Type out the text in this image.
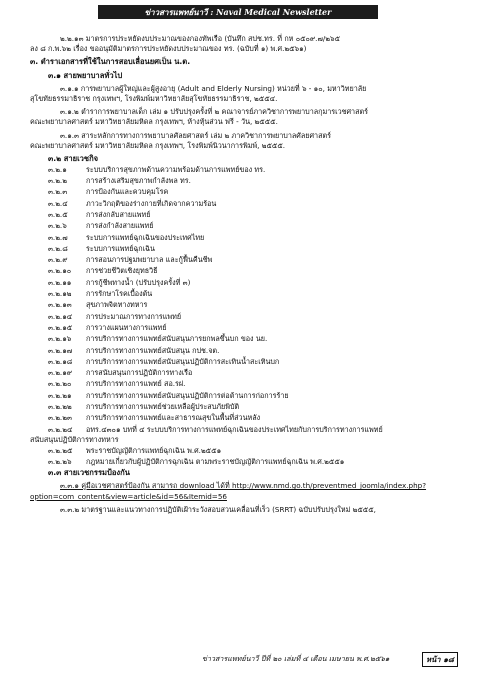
ข่าวสารแพทย์นาวี : Naval Medical Newsletter

๒.๒.๑๓ มาตรการประหยัดงบประมาณของกองทัพเรือ (บันทึก สปช.ทร. ที่ กห ๐๕๐๙.๗/๒๖๕

ลง ๘ ก.พ.๖๒ เรื่อง ขออนุมัติมาตรการประหยัดงบประมาณของ ทร. (ฉบับที่ ๑) พ.ศ.๒๕๖๑)

๓. ตำราเอกสารที่ใช้ในการสอบเลื่อนยศเป็น น.ต.

๓.๑ สายพยาบาลทั่วไป

๓.๑.๑ การพยาบาลผู้ใหญ่และผู้สูงอายุ (Adult and Elderly Nursing) หน่วยที่ ๖ - ๑๐, มหาวิทยาลัย

สุโขทัยธรรมาธิราช กรุงเทพฯ, โรงพิมพ์มหาวิทยาลัยสุโขทัยธรรมาธิราช, ๒๕๕๔.

๓.๑.๒ ตำราการพยาบาลเด็ก เล่ม ๑ ปรับปรุงครั้งที่ ๒ คณาจารย์ภาควิชาการพยาบาลกุมารเวชศาสตร์

คณะพยาบาลศาสตร์ มหาวิทยาลัยมหิดล กรุงเทพฯ, ห้างหุ้นส่วน ฟรี - วัน, ๒๕๕๕.

๓.๑.๓ สาระหลักการทางการพยาบาลศัลยศาสตร์ เล่ม ๒ ภาควิชาการพยาบาลศัลยศาสตร์

คณะพยาบาลศาสตร์ มหาวิทยาลัยมหิดล กรุงเทพฯ, โรงพิมพ์นิวนาการพิมพ์, ๒๕๕๕.

๓.๒ สายเวชกิจ

๓.๒.๑	ระบบบริการสุขภาพด้านความพร้อมด้านการแพทย์ของ ทร.
๓.๒.๒	การสร้างเสริมสุขภาพกำลังพล ทร.
๓.๒.๓	การป้องกันและควบคุมโรค
๓.๒.๔	ภาวะวิกฤติของร่างกายที่เกิดจากความร้อน
๓.๒.๕	การส่งกลับสายแพทย์
๓.๒.๖	การส่งกำลังสายแพทย์
๓.๒.๗	ระบบการแพทย์ฉุกเฉินของประเทศไทย
๓.๒.๘	ระบบการแพทย์ฉุกเฉิน
๓.๒.๙	การสอนการปฐมพยาบาล และกู้ฟื้นคืนชีพ
๓.๒.๑๐	การช่วยชีวิตเชิงยุทธวิธี
๓.๒.๑๑	การกู้ชีพทางน้ำ (ปรับปรุงครั้งที่ ๓)
๓.๒.๑๒	การรักษาโรคเบื้องต้น
๓.๒.๑๓	สุขภาพจิตทางทหาร
๓.๒.๑๔	การประมาณการทางการแพทย์
๓.๒.๑๕	การวางแผนทางการแพทย์
๓.๒.๑๖	การบริการทางการแพทย์สนับสนุนการยกพลขึ้นบก ของ นย.
๓.๒.๑๗	การบริการทางการแพทย์สนับสนุน กปช.จต.
๓.๒.๑๘	การบริการทางการแพทย์สนับสนุนปฏิบัติการสะเทินน้ำสะเทินบก
๓.๒.๑๙	การสนับสนุนการปฏิบัติการทางเรือ
๓.๒.๒๐	การบริการทางการแพทย์ สอ.รฝ.
๓.๒.๒๑	การบริการทางการแพทย์สนับสนุนปฏิบัติการต่อต้านการก่อการร้าย
๓.๒.๒๒	การบริการทางการแพทย์ช่วยเหลือผู้ประสบภัยพิบัติ
๓.๒.๒๓	การบริการทางการแพทย์และสาธารณสุขในพื้นที่ส่วนหลัง
๓.๒.๒๔	อทร.๔๓๐๑ บทที่ ๔ ระบบบริการทางการแพทย์ฉุกเฉินของประเทศไทยกับการบริการทางการแพทย์

สนับสนุนปฏิบัติการทางทหาร

๓.๒.๒๕	พระราชบัญญัติการแพทย์ฉุกเฉิน พ.ศ.๒๕๕๑
๓.๒.๒๖	กฎหมายเกี่ยวกับผู้ปฏิบัติการฉุกเฉิน ตามพระราชบัญญัติการแพทย์ฉุกเฉิน พ.ศ.๒๕๕๑

๓.๓ สายเวชกรรมป้องกัน

๓.๓.๑ คู่มือเวชศาสตร์ป้องกัน สามารถ download ได้ที่ http://www.nmd.go.th/preventmed_joomla/index.php?

option=com_content&view=article&id=56&Itemid=56

๓.๓.๒ มาตรฐานและแนวทางการปฏิบัติเฝ้าระวังสอบสวนเคลื่อนที่เร็ว (SRRT) ฉบับปรับปรุงใหม่ ๒๕๕๕,

ข่าวสารแพทย์นาวี ปีที่ ๒๐ เล่มที่ ๔ เดือน เมษายน พ.ศ.๒๕๖๑	หน้า ๑๘
